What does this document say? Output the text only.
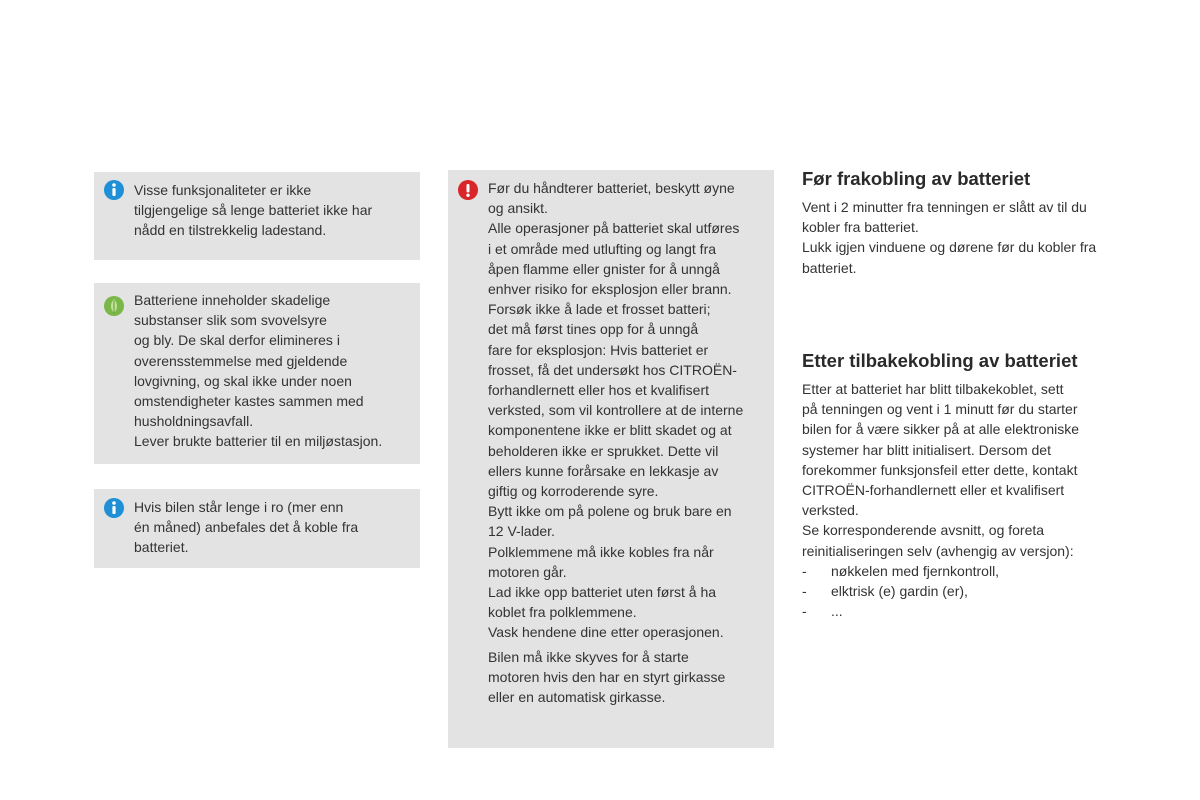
Visse funksjonaliteter er ikke
tilgjengelige så lenge batteriet ikke har
nådd en tilstrekkelig ladestand.

Batteriene inneholder skadelige
substanser slik som svovelsyre
og bly. De skal derfor elimineres i
overensstemmelse med gjeldende
lovgivning, og skal ikke under noen
omstendigheter kastes sammen med
husholdningsavfall.
Lever brukte batterier til en miljøstasjon.

Hvis bilen står lenge i ro (mer enn
én måned) anbefales det å koble fra
batteriet.

Før du håndterer batteriet, beskytt øyne
og ansikt.

Alle operasjoner på batteriet skal utføres
i et område med utlufting og langt fra
åpen flamme eller gnister for å unngå
enhver risiko for eksplosjon eller brann.

Forsøk ikke å lade et frosset batteri;
det må først tines opp for å unngå
fare for eksplosjon: Hvis batteriet er
frosset, få det undersøkt hos CITROËN-
forhandlernett eller hos et kvalifisert
verksted, som vil kontrollere at de interne
komponentene ikke er blitt skadet og at
beholderen ikke er sprukket. Dette vil
ellers kunne forårsake en lekkasje av
giftig og korroderende syre.

Bytt ikke om på polene og bruk bare en
12 V-lader.

Polklemmene må ikke kobles fra når
motoren går.

Lad ikke opp batteriet uten først å ha
koblet fra polklemmene.

Vask hendene dine etter operasjonen.

Bilen må ikke skyves for å starte
motoren hvis den har en styrt girkasse
eller en automatisk girkasse.

Før frakobling av batteriet

Vent i 2 minutter fra tenningen er slått av til du
kobler fra batteriet.

Lukk igjen vinduene og dørene før du kobler fra
batteriet.

Etter tilbakekobling av batteriet

Etter at batteriet har blitt tilbakekoblet, sett
på tenningen og vent i 1 minutt før du starter
bilen for å være sikker på at alle elektroniske
systemer har blitt initialisert. Dersom det
forekommer funksjonsfeil etter dette, kontakt
CITROËN-forhandlernett eller et kvalifisert
verksted.

Se korresponderende avsnitt, og foreta
reinitialiseringen selv (avhengig av versjon):

- nøkkelen med fjernkontroll,
- elktrisk (e) gardin (er),
- ...
